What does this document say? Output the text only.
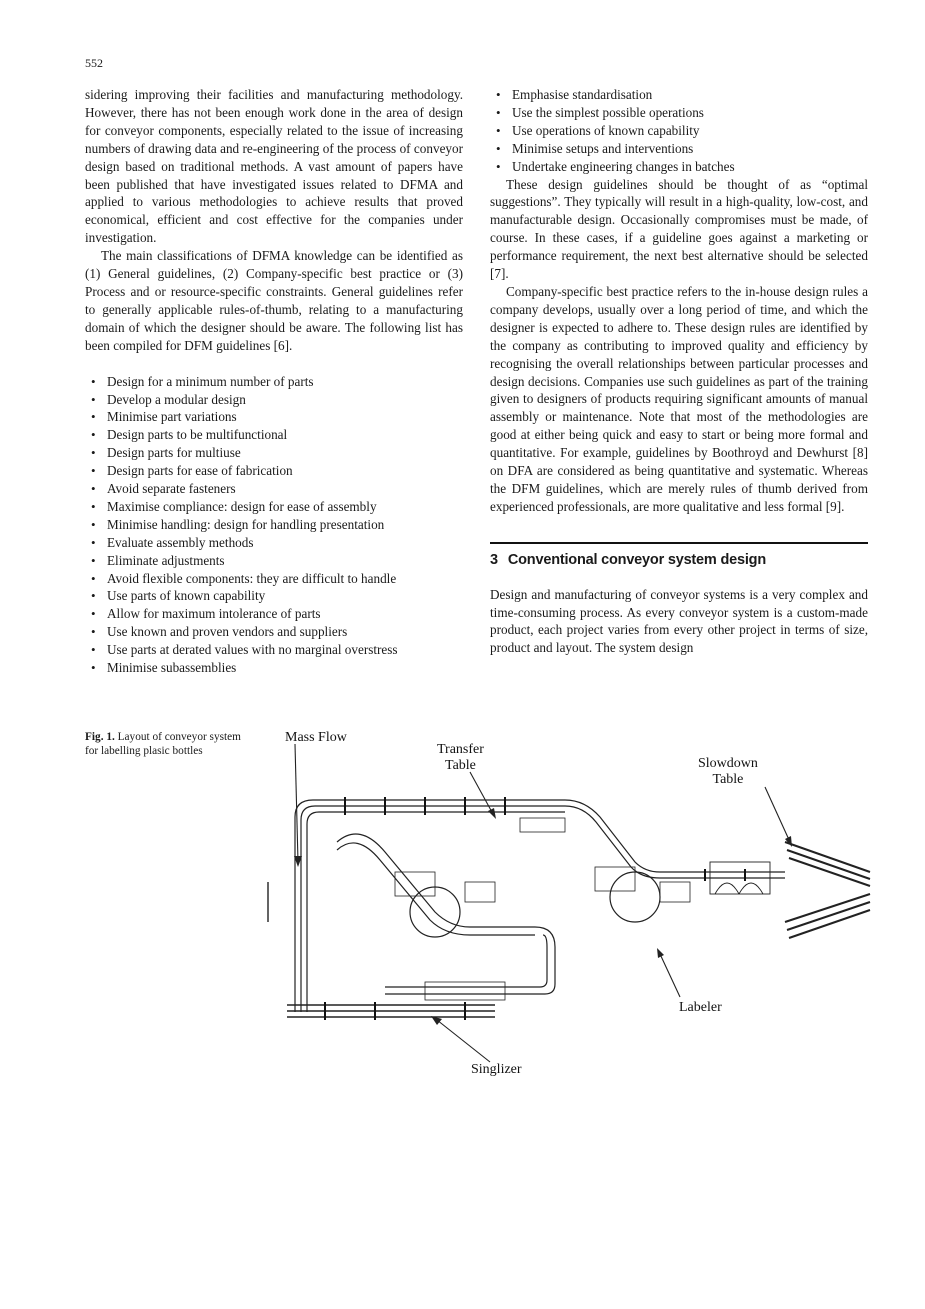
552

sidering improving their facilities and manufacturing methodology. However, there has not been enough work done in the area of design for conveyor components, especially related to the issue of increasing numbers of drawing data and re-engineering of the process of conveyor design based on traditional methods. A vast amount of papers have been published that have investigated issues related to DFMA and applied to various methodologies to achieve results that proved economical, efficient and cost effective for the companies under investigation.

The main classifications of DFMA knowledge can be identified as (1) General guidelines, (2) Company-specific best practice or (3) Process and or resource-specific constraints. General guidelines refer to generally applicable rules-of-thumb, relating to a manufacturing domain of which the designer should be aware. The following list has been compiled for DFM guidelines [6].

• Design for a minimum number of parts
• Develop a modular design
• Minimise part variations
• Design parts to be multifunctional
• Design parts for multiuse
• Design parts for ease of fabrication
• Avoid separate fasteners
• Maximise compliance: design for ease of assembly
• Minimise handling: design for handling presentation
• Evaluate assembly methods
• Eliminate adjustments
• Avoid flexible components: they are difficult to handle
• Use parts of known capability
• Allow for maximum intolerance of parts
• Use known and proven vendors and suppliers
• Use parts at derated values with no marginal overstress
• Minimise subassemblies
• Emphasise standardisation
• Use the simplest possible operations
• Use operations of known capability
• Minimise setups and interventions
• Undertake engineering changes in batches

These design guidelines should be thought of as “optimal suggestions”. They typically will result in a high-quality, low-cost, and manufacturable design. Occasionally compromises must be made, of course. In these cases, if a guideline goes against a marketing or performance requirement, the next best alternative should be selected [7].

Company-specific best practice refers to the in-house design rules a company develops, usually over a long period of time, and which the designer is expected to adhere to. These design rules are identified by the company as contributing to improved quality and efficiency by recognising the overall relationships between particular processes and design decisions. Companies use such guidelines as part of the training given to designers of products requiring significant amounts of manual assembly or maintenance. Note that most of the methodologies are good at either being quick and easy to start or being more formal and quantitative. For example, guidelines by Boothroyd and Dewhurst [8] on DFA are considered as being quantitative and systematic. Whereas the DFM guidelines, which are merely rules of thumb derived from experienced professionals, are more qualitative and less formal [9].

3 Conventional conveyor system design

Design and manufacturing of conveyor systems is a very complex and time-consuming process. As every conveyor system is a custom-made product, each project varies from every other project in terms of size, product and layout. The system design

Fig. 1. Layout of conveyor system for labelling plasic bottles
Mass Flow
Transfer
Table	Slowdown
Table
Labeler
Singlizer
